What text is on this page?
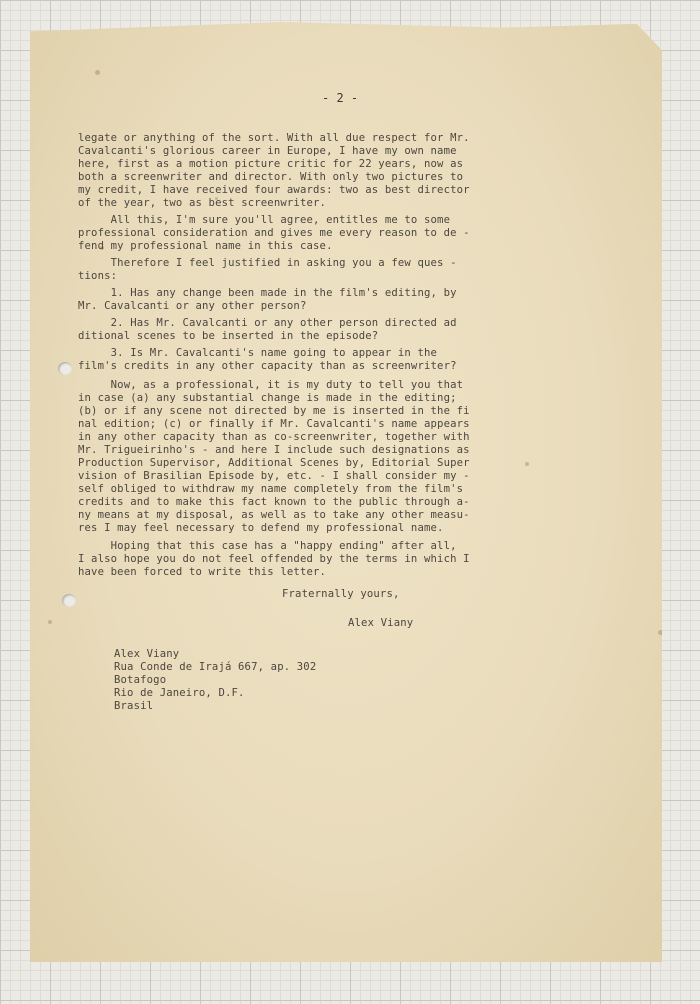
- 2 -

legate or anything of the sort. With all due respect for Mr.

Cavalcanti's glorious career in Europe, I have my own name

here, first as a motion picture critic for 22 years, now as

both a screenwriter and director. With only two pictures to

my credit, I have received four awards: two as best director

of the year, two as best screenwriter.

All this, I'm sure you'll agree, entitles me to some

professional consideration and gives me every reason to de -

fend my professional name in this case.

Therefore I feel justified in asking you a few ques -

tions:

1. Has any change been made in the film's editing, by

Mr. Cavalcanti or any other person?

2. Has Mr. Cavalcanti or any other person directed ad

ditional scenes to be inserted in the episode?

3. Is Mr. Cavalcanti's name going to appear in the

film's credits in any other capacity than as screenwriter?

Now, as a professional, it is my duty to tell you that

in case (a) any substantial change is made in the editing;

(b) or if any scene not directed by me is inserted in the fi

nal edition; (c) or finally if Mr. Cavalcanti's name appears

in any other capacity than as co-screenwriter, together with

Mr. Trigueirinho's - and here I include such designations as

Production Supervisor, Additional Scenes by, Editorial Super

vision of Brasilian Episode by, etc. - I shall consider my -

self obliged to withdraw my name completely from the film's

credits and to make this fact known to the public through a-

ny means at my disposal, as well as to take any other measu-

res I may feel necessary to defend my professional name.

Hoping that this case has a "happy ending" after all,

I also hope you do not feel offended by the terms in which I

have been forced to write this letter.

Fraternally yours,

Alex Viany

Alex Viany

Rua Conde de Irajá 667, ap. 302

Botafogo

Rio de Janeiro, D.F.

Brasil
